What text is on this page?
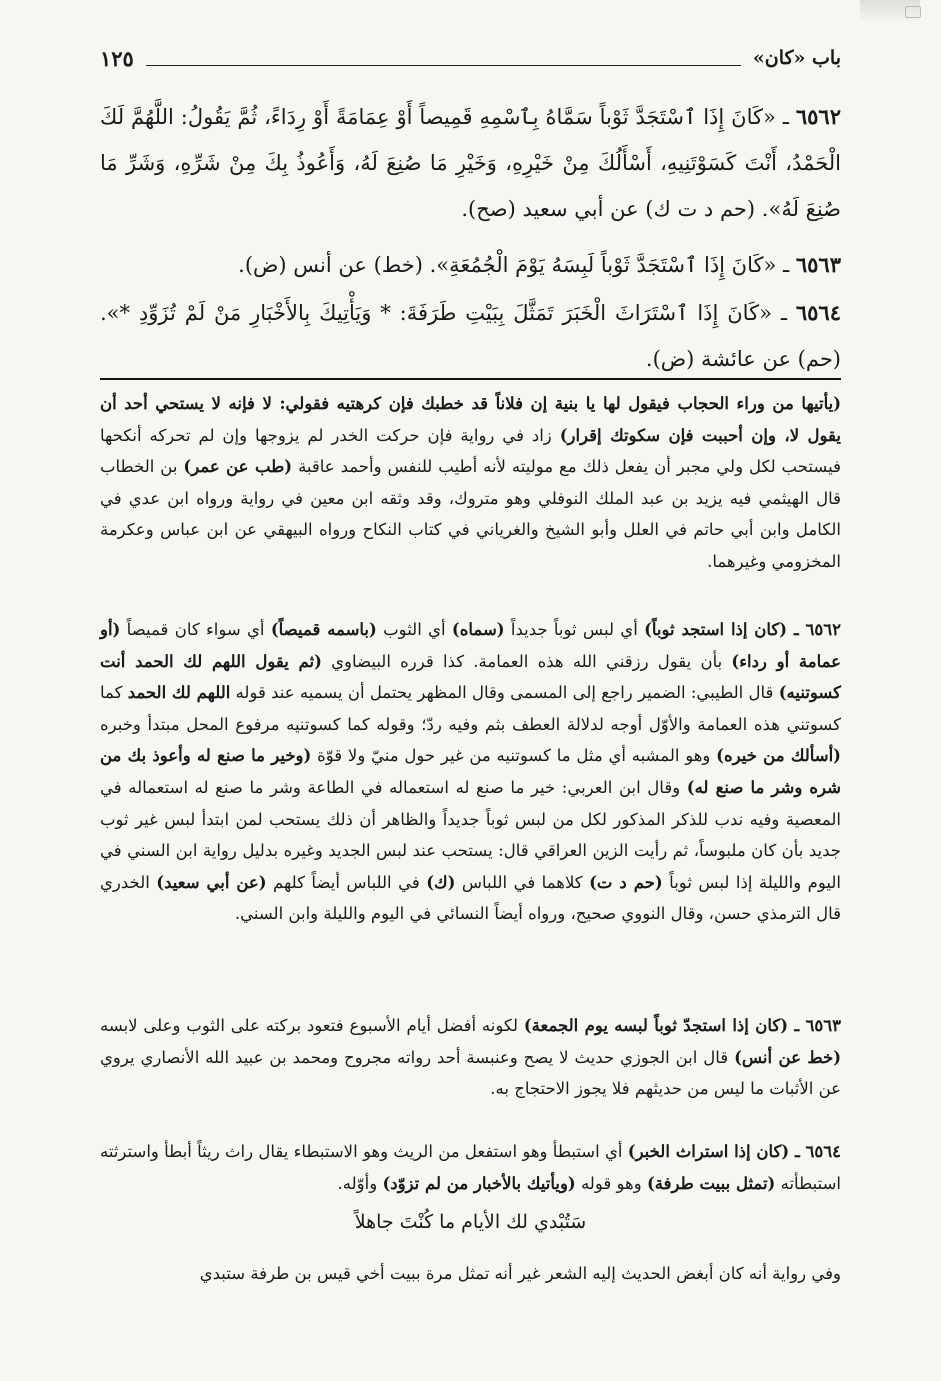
باب «كان»
١٢٥
٦٥٦٢ ـ «كَانَ إِذَا ٱسْتَجَدَّ ثَوْباً سَمَّاهُ بِٱسْمِهِ قَمِيصاً أَوْ عِمَامَةً أَوْ رِدَاءً، ثُمَّ يَقُولُ: اللَّهُمَّ لَكَ الْحَمْدُ، أَنْتَ كَسَوْتَنِيهِ، أَسْأَلُكَ مِنْ خَيْرِهِ، وَخَيْرِ مَا صُنِعَ لَهُ، وَأَعُوذُ بِكَ مِنْ شَرِّهِ، وَشَرِّ مَا صُنِعَ لَهُ». (حم د ت ك) عن أبي سعيد (صح).
٦٥٦٣ ـ «كَانَ إِذَا ٱسْتَجَدَّ ثَوْباً لَبِسَهُ يَوْمَ الْجُمُعَةِ». (خط) عن أنس (ض).
٦٥٦٤ ـ «كَانَ إِذَا ٱسْتَرَاثَ الْخَبَرَ تَمَثَّلَ بِبَيْتِ طَرَفَةَ: * وَيَأْتِيكَ بِالأَخْبَارِ مَنْ لَمْ تُزَوِّدِ *». (حم) عن عائشة (ض).
(يأتيها من وراء الحجاب فيقول لها يا بنية إن فلاناً قد خطبك فإن كرهتيه فقولي: لا فإنه لا يستحي أحد أن يقول لا، وإن أحببت فإن سكوتك إقرار) زاد في رواية فإن حركت الخدر لم يزوجها وإن لم تحركه أنكحها فيستحب لكل ولي مجبر أن يفعل ذلك مع موليته لأنه أطيب للنفس وأحمد عاقبة (طب عن عمر) بن الخطاب قال الهيثمي فيه يزيد بن عبد الملك النوفلي وهو متروك، وقد وثقه ابن معين في رواية ورواه ابن عدي في الكامل وابن أبي حاتم في العلل وأبو الشيخ والغرياني في كتاب النكاح ورواه البيهقي عن ابن عباس وعكرمة المخزومي وغيرهما.
٦٥٦٢ ـ (كان إذا استجد ثوباً) أي لبس ثوباً جديداً (سماه) أي الثوب (باسمه قميصاً) أي سواء كان قميصاً (أو عمامة أو رداء) بأن يقول رزقني الله هذه العمامة. كذا قرره البيضاوي (ثم يقول اللهم لك الحمد أنت كسوتنيه) قال الطيبي: الضمير راجع إلى المسمى وقال المظهر يحتمل أن يسميه عند قوله اللهم لك الحمد كما كسوتني هذه العمامة والأوّل أوجه لدلالة العطف بثم وفيه ردّ؛ وقوله كما كسوتنيه مرفوع المحل مبتدأ وخبره (أسألك من خيره) وهو المشبه أي مثل ما كسوتنيه من غير حول منيّ ولا قوّة (وخير ما صنع له وأعوذ بك من شره وشر ما صنع له) وقال ابن العربي: خير ما صنع له استعماله في الطاعة وشر ما صنع له استعماله في المعصية وفيه ندب للذكر المذكور لكل من لبس ثوباً جديداً والظاهر أن ذلك يستحب لمن ابتدأ لبس غير ثوب جديد بأن كان ملبوساً، ثم رأيت الزين العراقي قال: يستحب عند لبس الجديد وغيره بدليل رواية ابن السني في اليوم والليلة إذا لبس ثوباً (حم د ت) كلاهما في اللباس (ك) في اللباس أيضاً كلهم (عن أبي سعيد) الخدري قال الترمذي حسن، وقال النووي صحيح، ورواه أيضاً النسائي في اليوم والليلة وابن السني.
٦٥٦٣ ـ (كان إذا استجدّ ثوباً لبسه يوم الجمعة) لكونه أفضل أيام الأسبوع فتعود بركته على الثوب وعلى لابسه (خط عن أنس) قال ابن الجوزي حديث لا يصح وعنبسة أحد رواته مجروح ومحمد بن عبيد الله الأنصاري يروي عن الأثبات ما ليس من حديثهم فلا يجوز الاحتجاج به.
٦٥٦٤ ـ (كان إذا استراث الخبر) أي استبطأ وهو استفعل من الريث وهو الاستبطاء يقال راث ريثاً أبطأ واسترثته استبطأته (تمثل ببيت طرفة) وهو قوله (ويأتيك بالأخبار من لم تزوّد) وأوّله.
سَتُبْدي لك الأيام ما كُنْتَ جاهلاً
وفي رواية أنه كان أبغض الحديث إليه الشعر غير أنه تمثل مرة ببيت أخي قيس بن طرفة ستبدي
